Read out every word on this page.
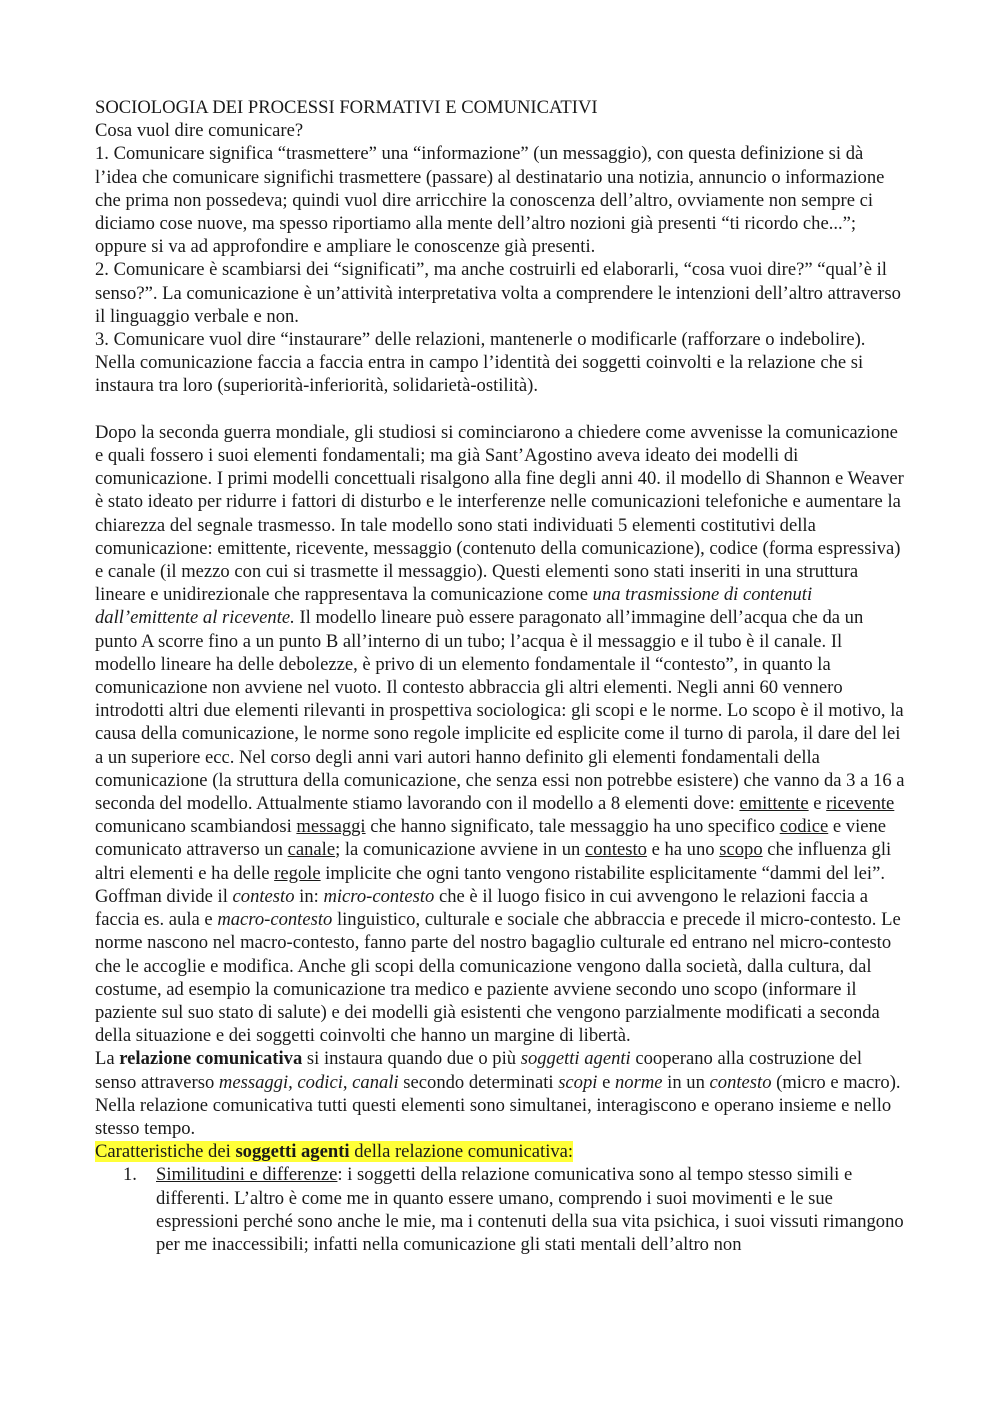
SOCIOLOGIA DEI PROCESSI FORMATIVI E COMUNICATIVI
Cosa vuol dire comunicare?
1. Comunicare significa “trasmettere” una “informazione” (un messaggio), con questa definizione si dà l’idea che comunicare significhi trasmettere (passare) al destinatario una notizia, annuncio o informazione che prima non possedeva; quindi vuol dire arricchire la conoscenza dell’altro, ovviamente non sempre ci diciamo cose nuove, ma spesso riportiamo alla mente dell’altro nozioni già presenti “ti ricordo che...”; oppure si va ad approfondire e ampliare le conoscenze già presenti.
2. Comunicare è scambiarsi dei “significati”, ma anche costruirli ed elaborarli, “cosa vuoi dire?” “qual’è il senso?”. La comunicazione è un’attività interpretativa volta a comprendere le intenzioni dell’altro attraverso il linguaggio verbale e non.
3. Comunicare vuol dire “instaurare” delle relazioni, mantenerle o modificarle (rafforzare o indebolire). Nella comunicazione faccia a faccia entra in campo l’identità dei soggetti coinvolti e la relazione che si instaura tra loro (superiorità-inferiorità, solidarietà-ostilità).

Dopo la seconda guerra mondiale, gli studiosi si cominciarono a chiedere come avvenisse la comunicazione e quali fossero i suoi elementi fondamentali; ma già Sant’Agostino aveva ideato dei modelli di comunicazione. I primi modelli concettuali risalgono alla fine degli anni 40. il modello di Shannon e Weaver è stato ideato per ridurre i fattori di disturbo e le interferenze nelle comunicazioni telefoniche e aumentare la chiarezza del segnale trasmesso. In tale modello sono stati individuati 5 elementi costitutivi della comunicazione: emittente, ricevente, messaggio (contenuto della comunicazione), codice (forma espressiva) e canale (il mezzo con cui si trasmette il messaggio). Questi elementi sono stati inseriti in una struttura lineare e unidirezionale che rappresentava la comunicazione come una trasmissione di contenuti dall’emittente al ricevente. Il modello lineare può essere paragonato all’immagine dell’acqua che da un punto A scorre fino a un punto B all’interno di un tubo; l’acqua è il messaggio e il tubo è il canale. Il modello lineare ha delle debolezze, è privo di un elemento fondamentale il “contesto”, in quanto la comunicazione non avviene nel vuoto. Il contesto abbraccia gli altri elementi. Negli anni 60 vennero introdotti altri due elementi rilevanti in prospettiva sociologica: gli scopi e le norme. Lo scopo è il motivo, la causa della comunicazione, le norme sono regole implicite ed esplicite come il turno di parola, il dare del lei a un superiore ecc. Nel corso degli anni vari autori hanno definito gli elementi fondamentali della comunicazione (la struttura della comunicazione, che senza essi non potrebbe esistere) che vanno da 3 a 16 a seconda del modello. Attualmente stiamo lavorando con il modello a 8 elementi dove: emittente e ricevente comunicano scambiandosi messaggi che hanno significato, tale messaggio ha uno specifico codice e viene comunicato attraverso un canale; la comunicazione avviene in un contesto e ha uno scopo che influenza gli altri elementi e ha delle regole implicite che ogni tanto vengono ristabilite esplicitamente “dammi del lei”. Goffman divide il contesto in: micro-contesto che è il luogo fisico in cui avvengono le relazioni faccia a faccia es. aula e macro-contesto linguistico, culturale e sociale che abbraccia e precede il micro-contesto. Le norme nascono nel macro-contesto, fanno parte del nostro bagaglio culturale ed entrano nel micro-contesto che le accoglie e modifica. Anche gli scopi della comunicazione vengono dalla società, dalla cultura, dal costume, ad esempio la comunicazione tra medico e paziente avviene secondo uno scopo (informare il paziente sul suo stato di salute) e dei modelli già esistenti che vengono parzialmente modificati a seconda della situazione e dei soggetti coinvolti che hanno un margine di libertà.

La relazione comunicativa si instaura quando due o più soggetti agenti cooperano alla costruzione del senso attraverso messaggi, codici, canali secondo determinati scopi e norme in un contesto (micro e macro). Nella relazione comunicativa tutti questi elementi sono simultanei, interagiscono e operano insieme e nello stesso tempo.

Caratteristiche dei soggetti agenti della relazione comunicativa:

1. Similitudini e differenze: i soggetti della relazione comunicativa sono al tempo stesso simili e differenti. L’altro è come me in quanto essere umano, comprendo i suoi movimenti e le sue espressioni perché sono anche le mie, ma i contenuti della sua vita psichica, i suoi vissuti rimangono per me inaccessibili; infatti nella comunicazione gli stati mentali dell’altro non
